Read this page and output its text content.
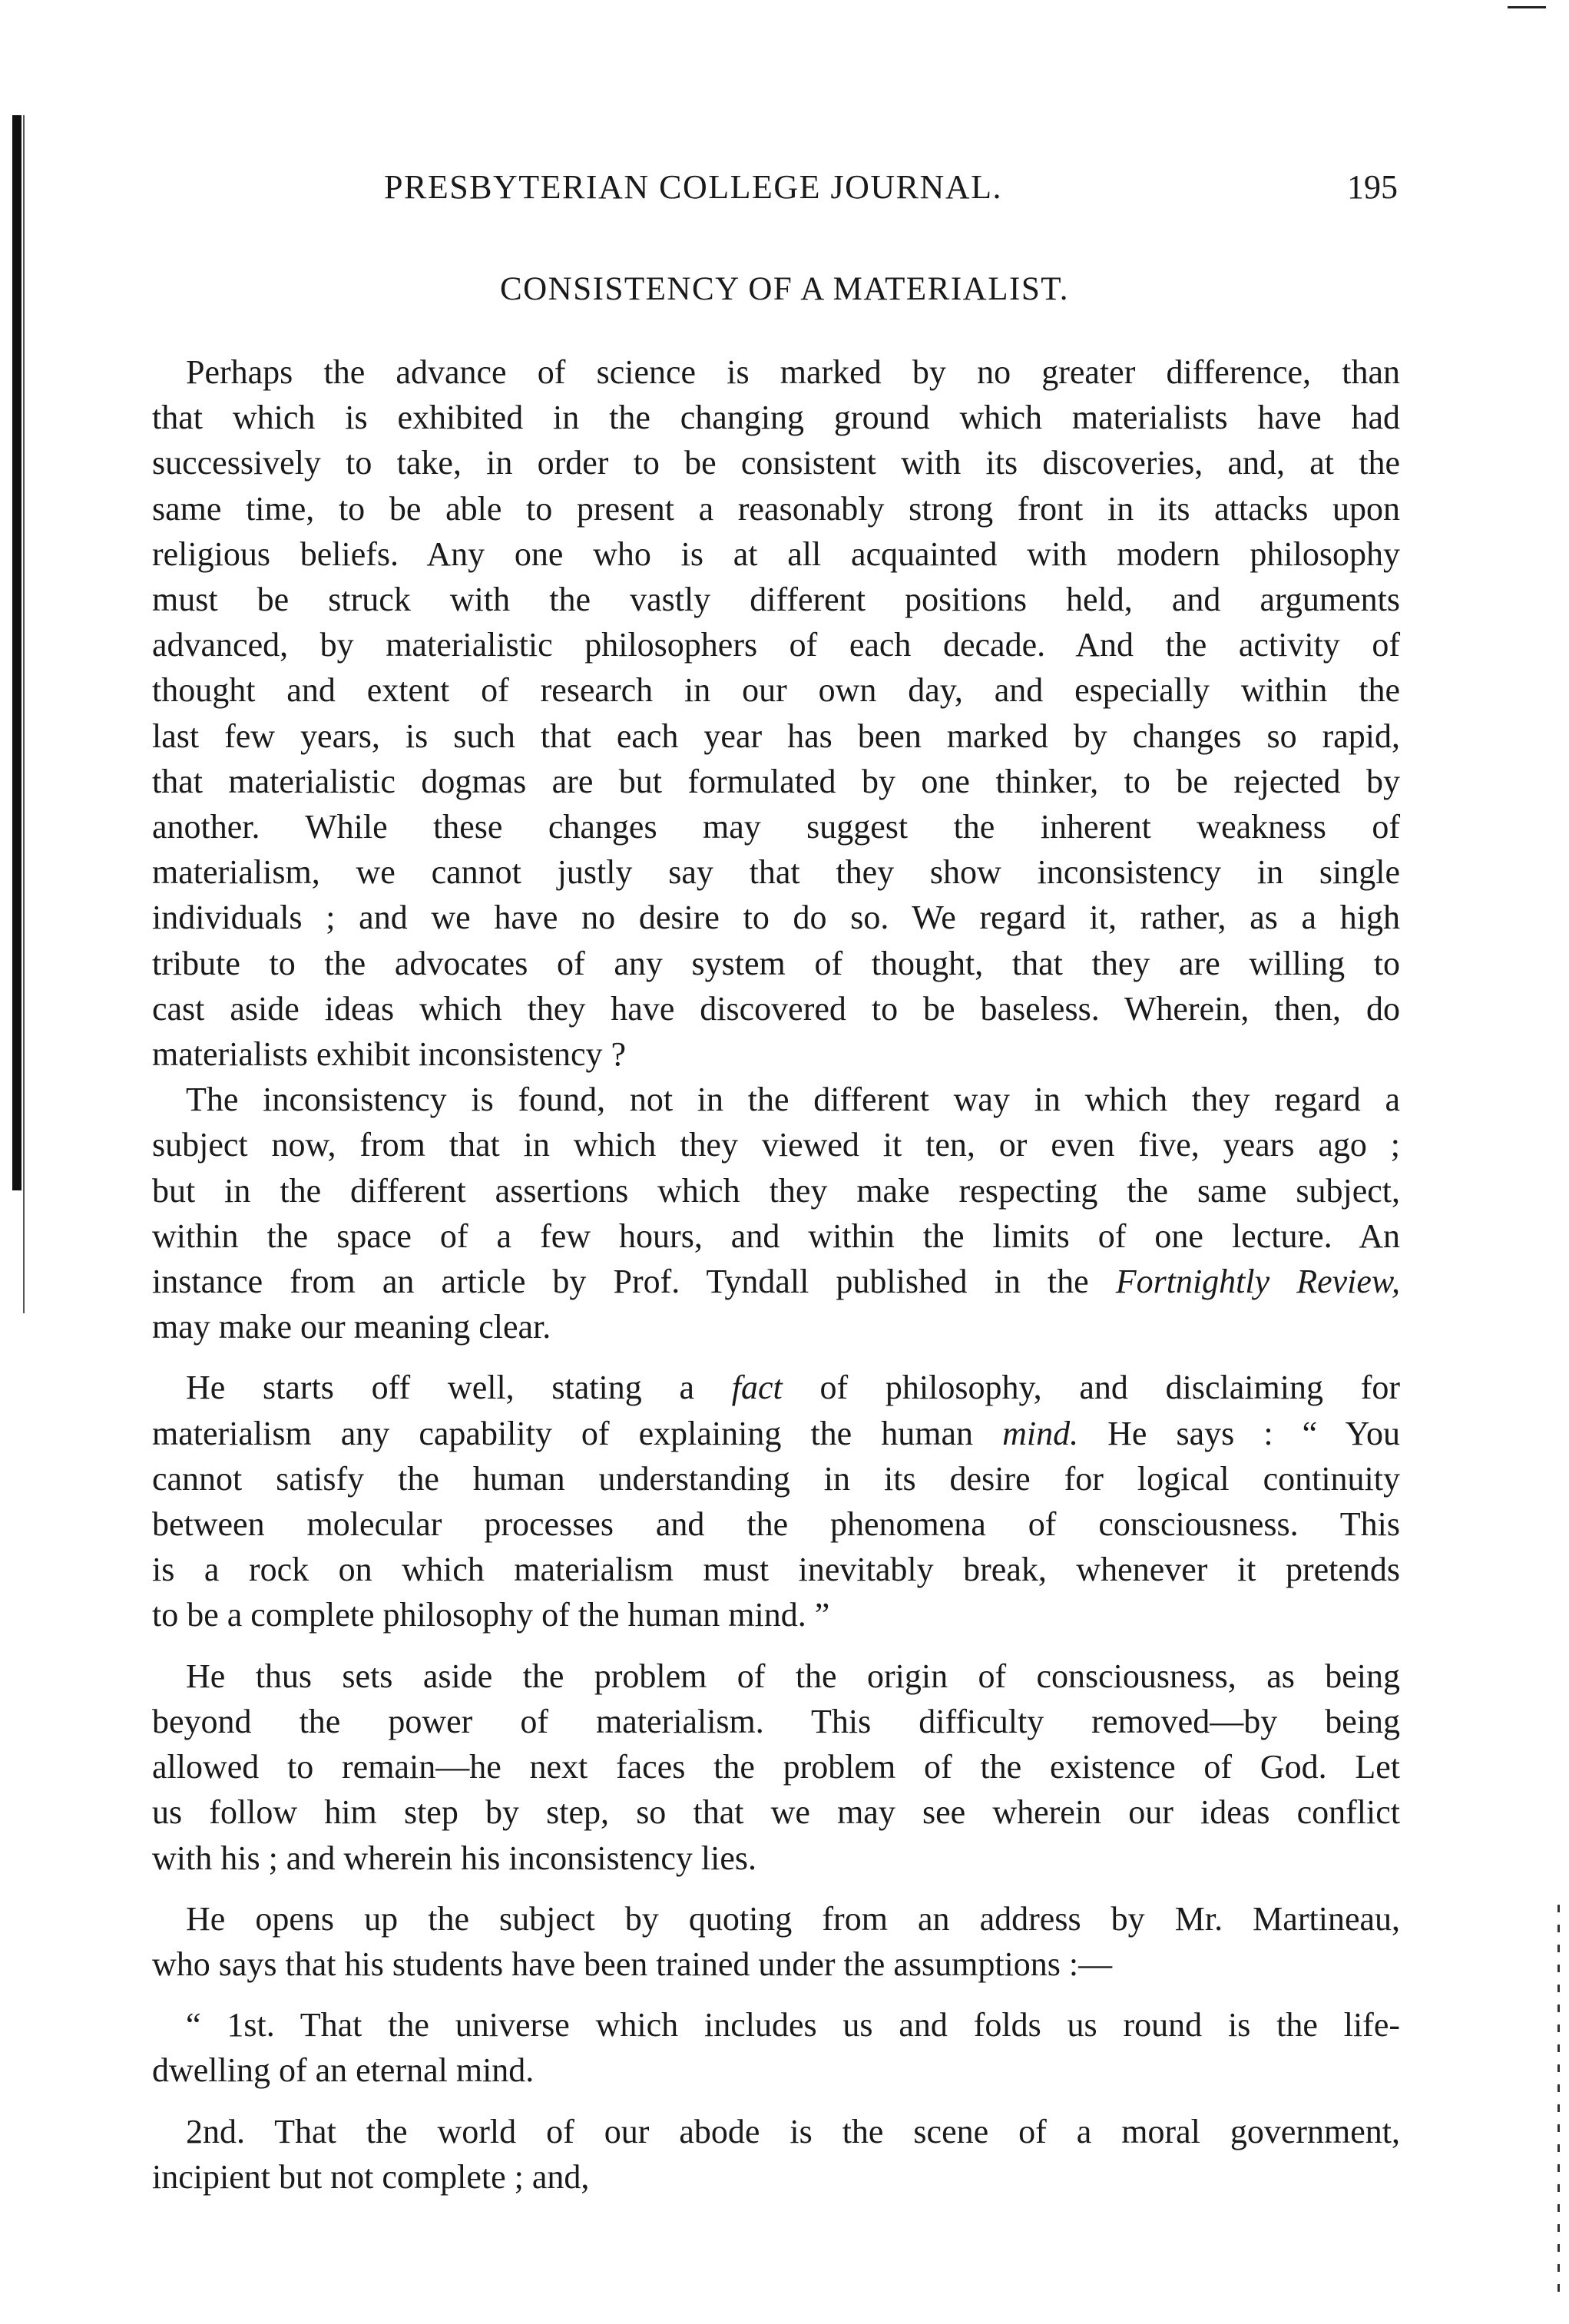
PRESBYTERIAN COLLEGE JOURNAL.	195
CONSISTENCY OF A MATERIALIST.

Perhaps the advance of science is marked by no greater difference, than
that which is exhibited in the changing ground which materialists have had
successively to take, in order to be consistent with its discoveries, and, at the
same time, to be able to present a reasonably strong front in its attacks upon
religious beliefs. Any one who is at all acquainted with modern philosophy
must be struck with the vastly different positions held, and arguments
advanced, by materialistic philosophers of each decade. And the activity of
thought and extent of research in our own day, and especially within the
last few years, is such that each year has been marked by changes so rapid,
that materialistic dogmas are but formulated by one thinker, to be rejected by
another. While these changes may suggest the inherent weakness of
materialism, we cannot justly say that they show inconsistency in single
individuals ; and we have no desire to do so. We regard it, rather, as a high
tribute to the advocates of any system of thought, that they are willing to
cast aside ideas which they have discovered to be baseless. Wherein, then, do
materialists exhibit inconsistency ?

The inconsistency is found, not in the different way in which they regard a
subject now, from that in which they viewed it ten, or even five, years ago ;
but in the different assertions which they make respecting the same subject,
within the space of a few hours, and within the limits of one lecture. An
instance from an article by Prof. Tyndall published in the Fortnightly Review,
may make our meaning clear.

He starts off well, stating a fact of philosophy, and disclaiming for
materialism any capability of explaining the human mind. He says : “ You
cannot satisfy the human understanding in its desire for logical continuity
between molecular processes and the phenomena of consciousness. This
is a rock on which materialism must inevitably break, whenever it pretends
to be a complete philosophy of the human mind. ”

He thus sets aside the problem of the origin of consciousness, as being
beyond the power of materialism. This difficulty removed—by being
allowed to remain—he next faces the problem of the existence of God. Let
us follow him step by step, so that we may see wherein our ideas conflict
with his ; and wherein his inconsistency lies.

He opens up the subject by quoting from an address by Mr. Martineau,
who says that his students have been trained under the assumptions :—

“ 1st. That the universe which includes us and folds us round is the life-
dwelling of an eternal mind.

2nd. That the world of our abode is the scene of a moral government,
incipient but not complete ; and,
